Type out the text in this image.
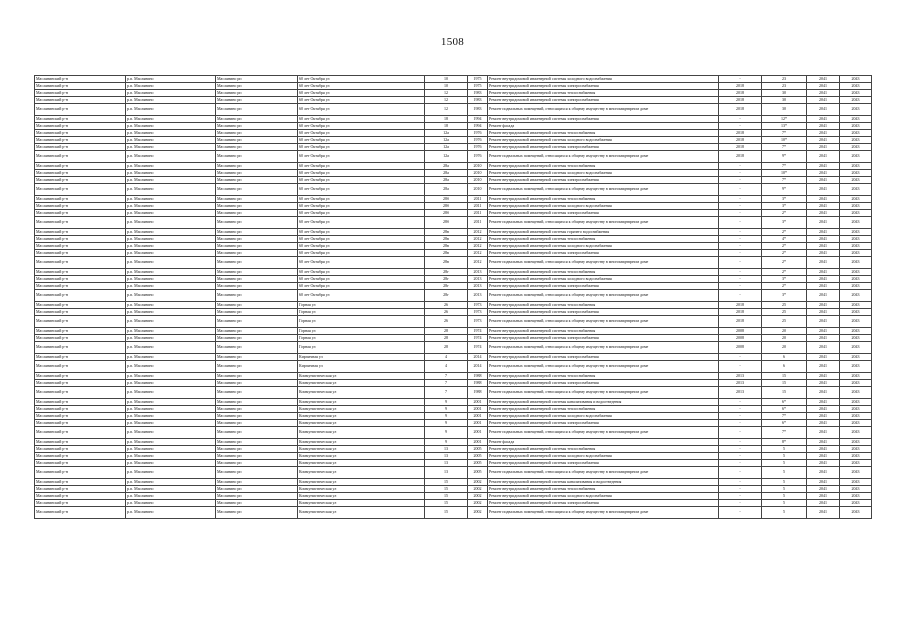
1508
Маслянинский р-н	р.п. Маслянино	Маслянино рп	60 лет Октября ул	10	1975	Ремонт внутридомовой инженерной системы холодного водоснабжения	-	23	2041	2043
Маслянинский р-н	р.п. Маслянино	Маслянино рп	60 лет Октября ул	10	1975	Ремонт внутридомовой инженерной системы электроснабжения	2018	23	2041	2043
Маслянинский р-н	р.п. Маслянино	Маслянино рп	60 лет Октября ул	12	1983	Ремонт внутридомовой инженерной системы теплоснабжения	2018	30	2041	2043
Маслянинский р-н	р.п. Маслянино	Маслянино рп	60 лет Октября ул	12	1983	Ремонт внутридомовой инженерной системы электроснабжения	2018	30	2041	2043
Маслянинский р-н	р.п. Маслянино	Маслянино рп	60 лет Октября ул	12	1983	Ремонт подвальных помещений, относящихся к общему имуществу в многоквартирном доме	2018	30	2041	2043
Маслянинский р-н	р.п. Маслянино	Маслянино рп	60 лет Октября ул	18	1994	Ремонт внутридомовой инженерной системы электроснабжения	-	12*	2041	2043
Маслянинский р-н	р.п. Маслянино	Маслянино рп	60 лет Октября ул	18	1994	Ремонт фасада	-	13*	2041	2043
Маслянинский р-н	р.п. Маслянино	Маслянино рп	60 лет Октября ул	12а	1976	Ремонт внутридомовой инженерной системы теплоснабжения	2018	7*	2041	2043
Маслянинский р-н	р.п. Маслянино	Маслянино рп	60 лет Октября ул	12а	1976	Ремонт внутридомовой инженерной системы холодного водоснабжения	2018	10*	2041	2043
Маслянинский р-н	р.п. Маслянино	Маслянино рп	60 лет Октября ул	12а	1976	Ремонт внутридомовой инженерной системы электроснабжения	2018	7*	2041	2043
Маслянинский р-н	р.п. Маслянино	Маслянино рп	60 лет Октября ул	12а	1976	Ремонт подвальных помещений, относящихся к общему имуществу в многоквартирном доме	2018	9*	2041	2043
Маслянинский р-н	р.п. Маслянино	Маслянино рп	60 лет Октября ул	28а	2010	Ремонт внутридомовой инженерной системы теплоснабжения	-	7*	2041	2043
Маслянинский р-н	р.п. Маслянино	Маслянино рп	60 лет Октября ул	28а	2010	Ремонт внутридомовой инженерной системы холодного водоснабжения	-	10*	2041	2043
Маслянинский р-н	р.п. Маслянино	Маслянино рп	60 лет Октября ул	28а	2010	Ремонт внутридомовой инженерной системы электроснабжения	-	7*	2041	2043
Маслянинский р-н	р.п. Маслянино	Маслянино рп	60 лет Октября ул	28а	2010	Ремонт подвальных помещений, относящихся к общему имуществу в многоквартирном доме	-	9*	2041	2043
Маслянинский р-н	р.п. Маслянино	Маслянино рп	60 лет Октября ул	28б	2011	Ремонт внутридомовой инженерной системы теплоснабжения	-	3*	2041	2043
Маслянинский р-н	р.п. Маслянино	Маслянино рп	60 лет Октября ул	28б	2011	Ремонт внутридомовой инженерной системы холодного водоснабжения	-	3*	2041	2043
Маслянинский р-н	р.п. Маслянино	Маслянино рп	60 лет Октября ул	28б	2011	Ремонт внутридомовой инженерной системы электроснабжения	-	2*	2041	2043
Маслянинский р-н	р.п. Маслянино	Маслянино рп	60 лет Октября ул	28б	2011	Ремонт подвальных помещений, относящихся к общему имуществу в многоквартирном доме	-	3*	2041	2043
Маслянинский р-н	р.п. Маслянино	Маслянино рп	60 лет Октября ул	28в	2012	Ремонт внутридомовой инженерной системы горячего водоснабжения	-	2*	2041	2043
Маслянинский р-н	р.п. Маслянино	Маслянино рп	60 лет Октября ул	28в	2012	Ремонт внутридомовой инженерной системы теплоснабжения	-	4*	2041	2043
Маслянинский р-н	р.п. Маслянино	Маслянино рп	60 лет Октября ул	28в	2012	Ремонт внутридомовой инженерной системы холодного водоснабжения	-	2*	2041	2043
Маслянинский р-н	р.п. Маслянино	Маслянино рп	60 лет Октября ул	28в	2012	Ремонт внутридомовой инженерной системы электроснабжения	-	2*	2041	2043
Маслянинский р-н	р.п. Маслянино	Маслянино рп	60 лет Октября ул	28в	2012	Ремонт подвальных помещений, относящихся к общему имуществу в многоквартирном доме	-	2*	2041	2043
Маслянинский р-н	р.п. Маслянино	Маслянино рп	60 лет Октября ул	28г	2013	Ремонт внутридомовой инженерной системы теплоснабжения	-	2*	2041	2043
Маслянинский р-н	р.п. Маслянино	Маслянино рп	60 лет Октября ул	28г	2013	Ремонт внутридомовой инженерной системы холодного водоснабжения	-	3*	2041	2043
Маслянинский р-н	р.п. Маслянино	Маслянино рп	60 лет Октября ул	28г	2013	Ремонт внутридомовой инженерной системы электроснабжения	-	2*	2041	2043
Маслянинский р-н	р.п. Маслянино	Маслянино рп	60 лет Октября ул	28г	2013	Ремонт подвальных помещений, относящихся к общему имуществу в многоквартирном доме	-	3*	2041	2043
Маслянинский р-н	р.п. Маслянино	Маслянино рп	Горная ул	26	1973	Ремонт внутридомовой инженерной системы теплоснабжения	2018	25	2041	2043
Маслянинский р-н	р.п. Маслянино	Маслянино рп	Горная ул	26	1973	Ремонт внутридомовой инженерной системы электроснабжения	2018	25	2041	2043
Маслянинский р-н	р.п. Маслянино	Маслянино рп	Горная ул	26	1973	Ремонт подвальных помещений, относящихся к общему имуществу в многоквартирном доме	2018	25	2041	2043
Маслянинский р-н	р.п. Маслянино	Маслянино рп	Горная ул	28	1974	Ремонт внутридомовой инженерной системы теплоснабжения	2008	20	2041	2043
Маслянинский р-н	р.п. Маслянино	Маслянино рп	Горная ул	28	1974	Ремонт внутридомовой инженерной системы электроснабжения	2008	20	2041	2043
Маслянинский р-н	р.п. Маслянино	Маслянино рп	Горная ул	28	1974	Ремонт подвальных помещений, относящихся к общему имуществу в многоквартирном доме	2008	20	2041	2043
Маслянинский р-н	р.п. Маслянино	Маслянино рп	Кирпичная ул	4	2014	Ремонт внутридомовой инженерной системы электроснабжения	-	6	2041	2043
Маслянинский р-н	р.п. Маслянино	Маслянино рп	Кирпичная ул	4	2014	Ремонт подвальных помещений, относящихся к общему имуществу в многоквартирном доме	-	6	2041	2043
Маслянинский р-н	р.п. Маслянино	Маслянино рп	Коммунистическая ул	7	1988	Ремонт внутридомовой инженерной системы теплоснабжения	2013	15	2041	2043
Маслянинский р-н	р.п. Маслянино	Маслянино рп	Коммунистическая ул	7	1988	Ремонт внутридомовой инженерной системы электроснабжения	2013	15	2041	2043
Маслянинский р-н	р.п. Маслянино	Маслянино рп	Коммунистическая ул	7	1988	Ремонт подвальных помещений, относящихся к общему имуществу в многоквартирном доме	2013	15	2041	2043
Маслянинский р-н	р.п. Маслянино	Маслянино рп	Коммунистическая ул	9	2001	Ремонт внутридомовой инженерной системы канализования и водоотведения	-	6*	2041	2043
Маслянинский р-н	р.п. Маслянино	Маслянино рп	Коммунистическая ул	9	2001	Ремонт внутридомовой инженерной системы теплоснабжения	-	6*	2041	2043
Маслянинский р-н	р.п. Маслянино	Маслянино рп	Коммунистическая ул	9	2001	Ремонт внутридомовой инженерной системы холодного водоснабжения	-	7*	2041	2043
Маслянинский р-н	р.п. Маслянино	Маслянино рп	Коммунистическая ул	9	2001	Ремонт внутридомовой инженерной системы электроснабжения	-	6*	2041	2043
Маслянинский р-н	р.п. Маслянино	Маслянино рп	Коммунистическая ул	9	2001	Ремонт подвальных помещений, относящихся к общему имуществу в многоквартирном доме	-	7*	2041	2043
Маслянинский р-н	р.п. Маслянино	Маслянино рп	Коммунистическая ул	9	2001	Ремонт фасада	-	8*	2041	2043
Маслянинский р-н	р.п. Маслянино	Маслянино рп	Коммунистическая ул	13	2005	Ремонт внутридомовой инженерной системы теплоснабжения	-	5	2041	2043
Маслянинский р-н	р.п. Маслянино	Маслянино рп	Коммунистическая ул	13	2005	Ремонт внутридомовой инженерной системы холодного водоснабжения	-	5	2041	2043
Маслянинский р-н	р.п. Маслянино	Маслянино рп	Коммунистическая ул	13	2005	Ремонт внутридомовой инженерной системы электроснабжения	-	5	2041	2043
Маслянинский р-н	р.п. Маслянино	Маслянино рп	Коммунистическая ул	13	2005	Ремонт подвальных помещений, относящихся к общему имуществу в многоквартирном доме	-	5	2041	2043
Маслянинский р-н	р.п. Маслянино	Маслянино рп	Коммунистическая ул	15	2002	Ремонт внутридомовой инженерной системы канализования и водоотведения	-	5	2041	2043
Маслянинский р-н	р.п. Маслянино	Маслянино рп	Коммунистическая ул	15	2002	Ремонт внутридомовой инженерной системы теплоснабжения	-	5	2041	2043
Маслянинский р-н	р.п. Маслянино	Маслянино рп	Коммунистическая ул	15	2002	Ремонт внутридомовой инженерной системы холодного водоснабжения	-	5	2041	2043
Маслянинский р-н	р.п. Маслянино	Маслянино рп	Коммунистическая ул	15	2002	Ремонт внутридомовой инженерной системы электроснабжения	-	5	2041	2043
Маслянинский р-н	р.п. Маслянино	Маслянино рп	Коммунистическая ул	15	2002	Ремонт подвальных помещений, относящихся к общему имуществу в многоквартирном доме	-	5	2041	2043
